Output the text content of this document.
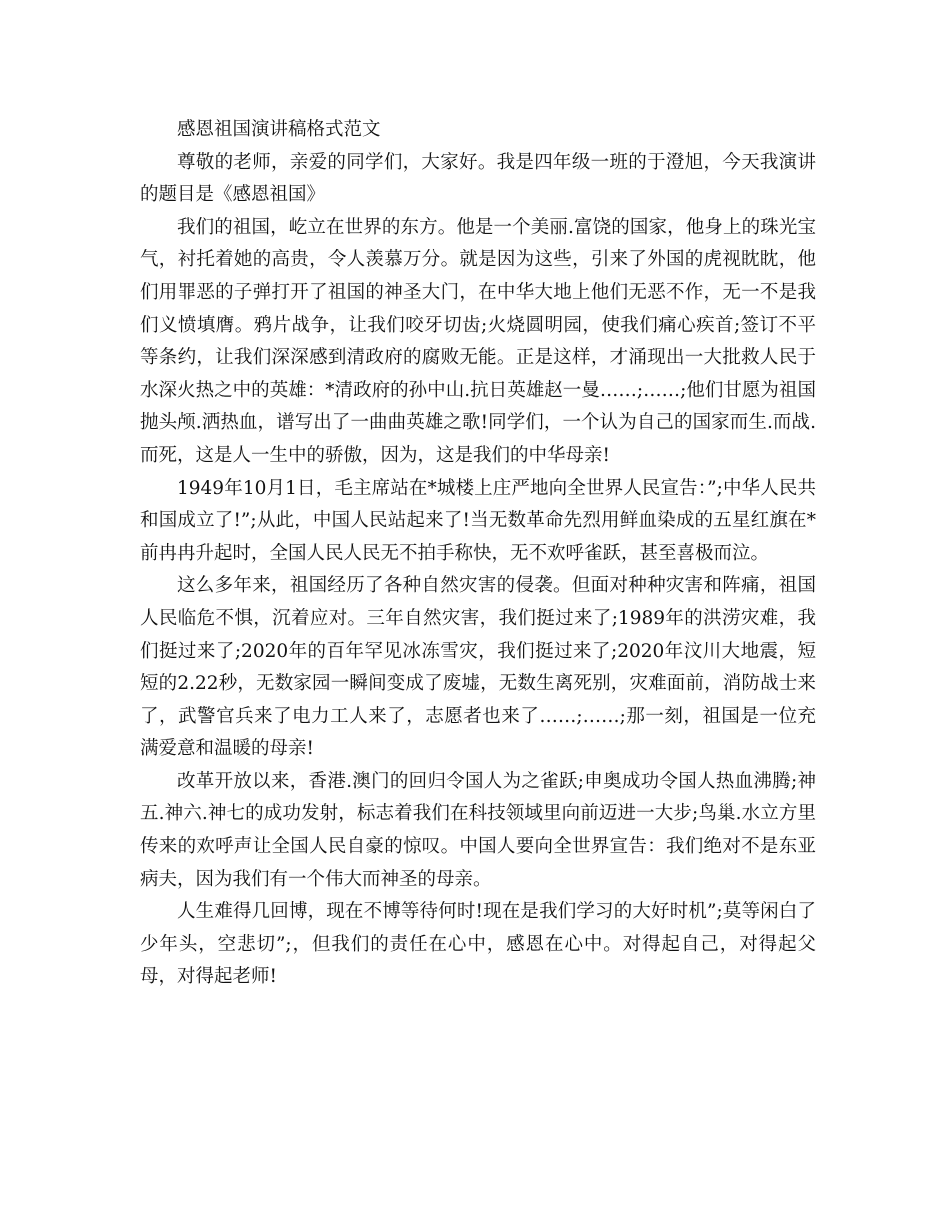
感恩祖国演讲稿格式范文

尊敬的老师，亲爱的同学们，大家好。我是四年级一班的于澄旭，今天我演讲的题目是《感恩祖国》

我们的祖国，屹立在世界的东方。他是一个美丽.富饶的国家，他身上的珠光宝气，衬托着她的高贵，令人羡慕万分。就是因为这些，引来了外国的虎视眈眈，他们用罪恶的子弹打开了祖国的神圣大门，在中华大地上他们无恶不作，无一不是我们义愤填膺。鸦片战争，让我们咬牙切齿;火烧圆明园，使我们痛心疾首;签订不平等条约，让我们深深感到清政府的腐败无能。正是这样，才涌现出一大批救人民于水深火热之中的英雄：*清政府的孙中山.抗日英雄赵一曼……;……;他们甘愿为祖国抛头颅.洒热血，谱写出了一曲曲英雄之歌!同学们，一个认为自己的国家而生.而战.而死，这是人一生中的骄傲，因为，这是我们的中华母亲!

1949年10月1日，毛主席站在*城楼上庄严地向全世界人民宣告：”;中华人民共和国成立了!”;从此，中国人民站起来了!当无数革命先烈用鲜血染成的五星红旗在*前冉冉升起时，全国人民人民无不拍手称快，无不欢呼雀跃，甚至喜极而泣。

这么多年来，祖国经历了各种自然灾害的侵袭。但面对种种灾害和阵痛，祖国人民临危不惧，沉着应对。三年自然灾害，我们挺过来了;1989年的洪涝灾难，我们挺过来了;2020年的百年罕见冰冻雪灾，我们挺过来了;2020年汶川大地震，短短的2.22秒，无数家园一瞬间变成了废墟，无数生离死别，灾难面前，消防战士来了，武警官兵来了电力工人来了，志愿者也来了……;……;那一刻，祖国是一位充满爱意和温暖的母亲!

改革开放以来，香港.澳门的回归令国人为之雀跃;申奥成功令国人热血沸腾;神五.神六.神七的成功发射，标志着我们在科技领域里向前迈进一大步;鸟巢.水立方里传来的欢呼声让全国人民自豪的惊叹。中国人要向全世界宣告：我们绝对不是东亚病夫，因为我们有一个伟大而神圣的母亲。

人生难得几回博，现在不博等待何时!现在是我们学习的大好时机”;莫等闲白了少年头，空悲切”;，但我们的责任在心中，感恩在心中。对得起自己，对得起父母，对得起老师!
